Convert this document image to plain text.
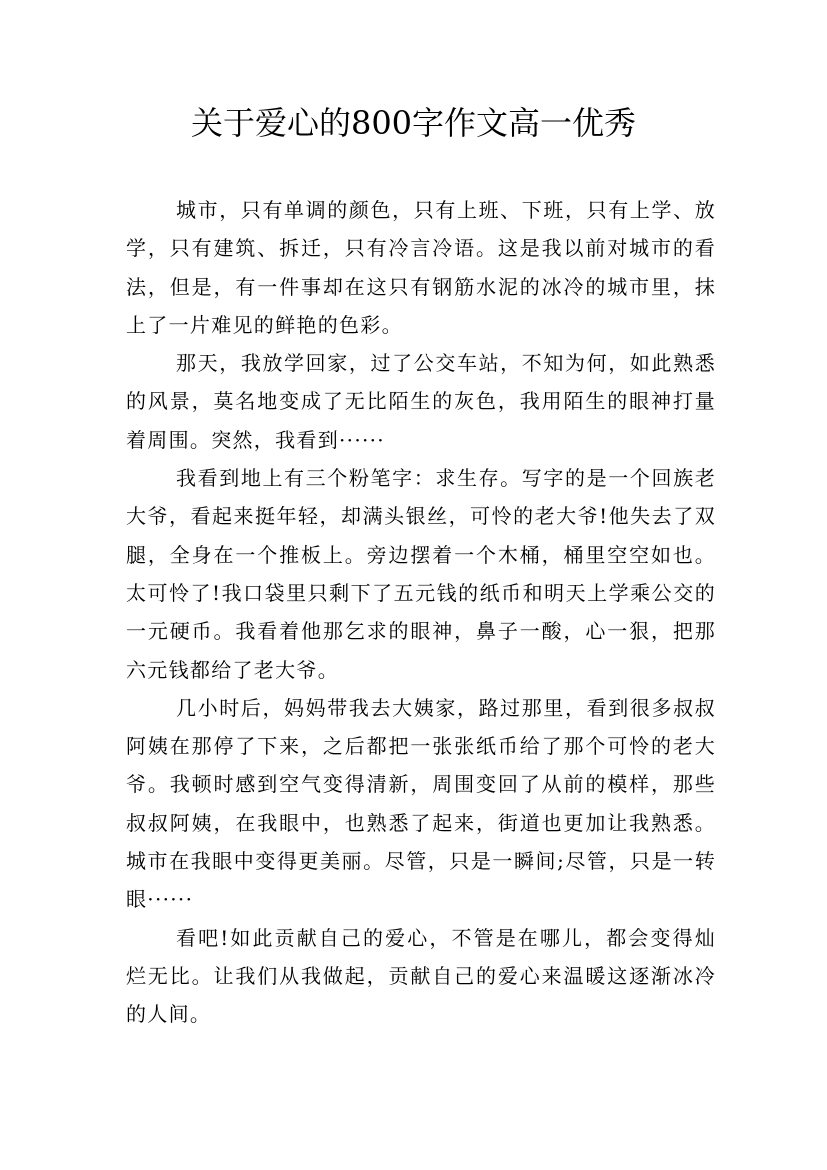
关于爱心的800字作文高一优秀

城市，只有单调的颜色，只有上班、下班，只有上学、放学，只有建筑、拆迁，只有冷言冷语。这是我以前对城市的看法，但是，有一件事却在这只有钢筋水泥的冰冷的城市里，抹上了一片难见的鲜艳的色彩。

那天，我放学回家，过了公交车站，不知为何，如此熟悉的风景，莫名地变成了无比陌生的灰色，我用陌生的眼神打量着周围。突然，我看到······

我看到地上有三个粉笔字：求生存。写字的是一个回族老大爷，看起来挺年轻，却满头银丝，可怜的老大爷!他失去了双腿，全身在一个推板上。旁边摆着一个木桶，桶里空空如也。太可怜了!我口袋里只剩下了五元钱的纸币和明天上学乘公交的一元硬币。我看着他那乞求的眼神，鼻子一酸，心一狠，把那六元钱都给了老大爷。

几小时后，妈妈带我去大姨家，路过那里，看到很多叔叔阿姨在那停了下来，之后都把一张张纸币给了那个可怜的老大爷。我顿时感到空气变得清新，周围变回了从前的模样，那些叔叔阿姨，在我眼中，也熟悉了起来，街道也更加让我熟悉。城市在我眼中变得更美丽。尽管，只是一瞬间;尽管，只是一转眼······

看吧!如此贡献自己的爱心，不管是在哪儿，都会变得灿烂无比。让我们从我做起，贡献自己的爱心来温暖这逐渐冰冷的人间。
